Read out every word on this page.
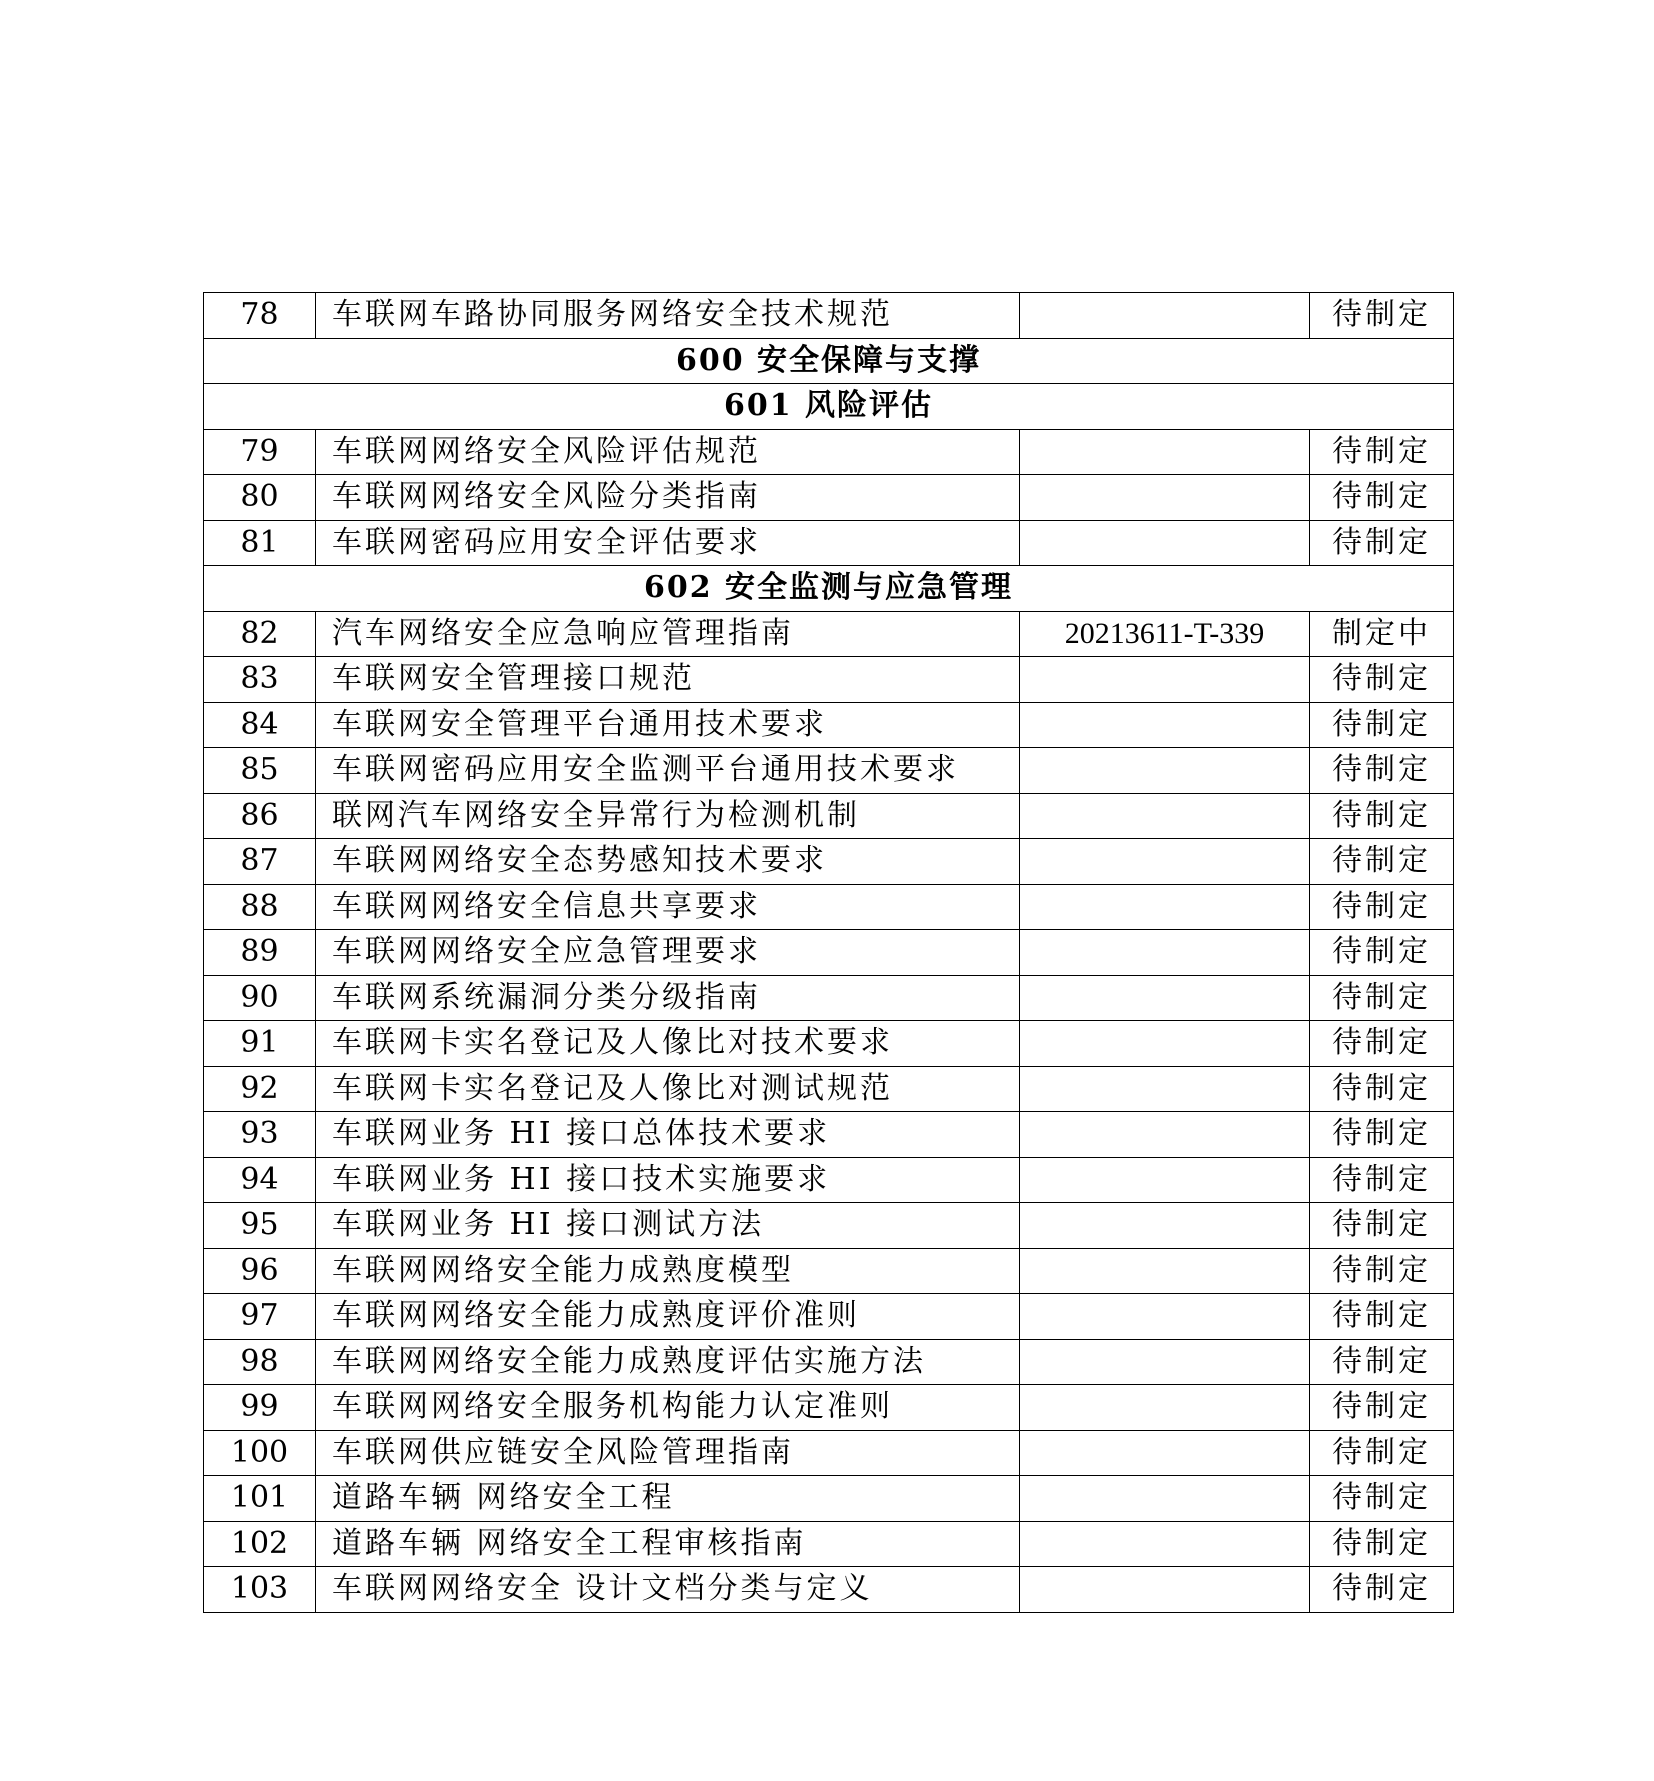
78	车联网车路协同服务网络安全技术规范		待制定
600 安全保障与支撑			
601 风险评估			
79	车联网网络安全风险评估规范		待制定
80	车联网网络安全风险分类指南		待制定
81	车联网密码应用安全评估要求		待制定
602 安全监测与应急管理			
82	汽车网络安全应急响应管理指南	20213611-T-339	制定中
83	车联网安全管理接口规范		待制定
84	车联网安全管理平台通用技术要求		待制定
85	车联网密码应用安全监测平台通用技术要求		待制定
86	联网汽车网络安全异常行为检测机制		待制定
87	车联网网络安全态势感知技术要求		待制定
88	车联网网络安全信息共享要求		待制定
89	车联网网络安全应急管理要求		待制定
90	车联网系统漏洞分类分级指南		待制定
91	车联网卡实名登记及人像比对技术要求		待制定
92	车联网卡实名登记及人像比对测试规范		待制定
93	车联网业务 HI 接口总体技术要求		待制定
94	车联网业务 HI 接口技术实施要求		待制定
95	车联网业务 HI 接口测试方法		待制定
96	车联网网络安全能力成熟度模型		待制定
97	车联网网络安全能力成熟度评价准则		待制定
98	车联网网络安全能力成熟度评估实施方法		待制定
99	车联网网络安全服务机构能力认定准则		待制定
100	车联网供应链安全风险管理指南		待制定
101	道路车辆 网络安全工程		待制定
102	道路车辆 网络安全工程审核指南		待制定
103	车联网网络安全 设计文档分类与定义		待制定
